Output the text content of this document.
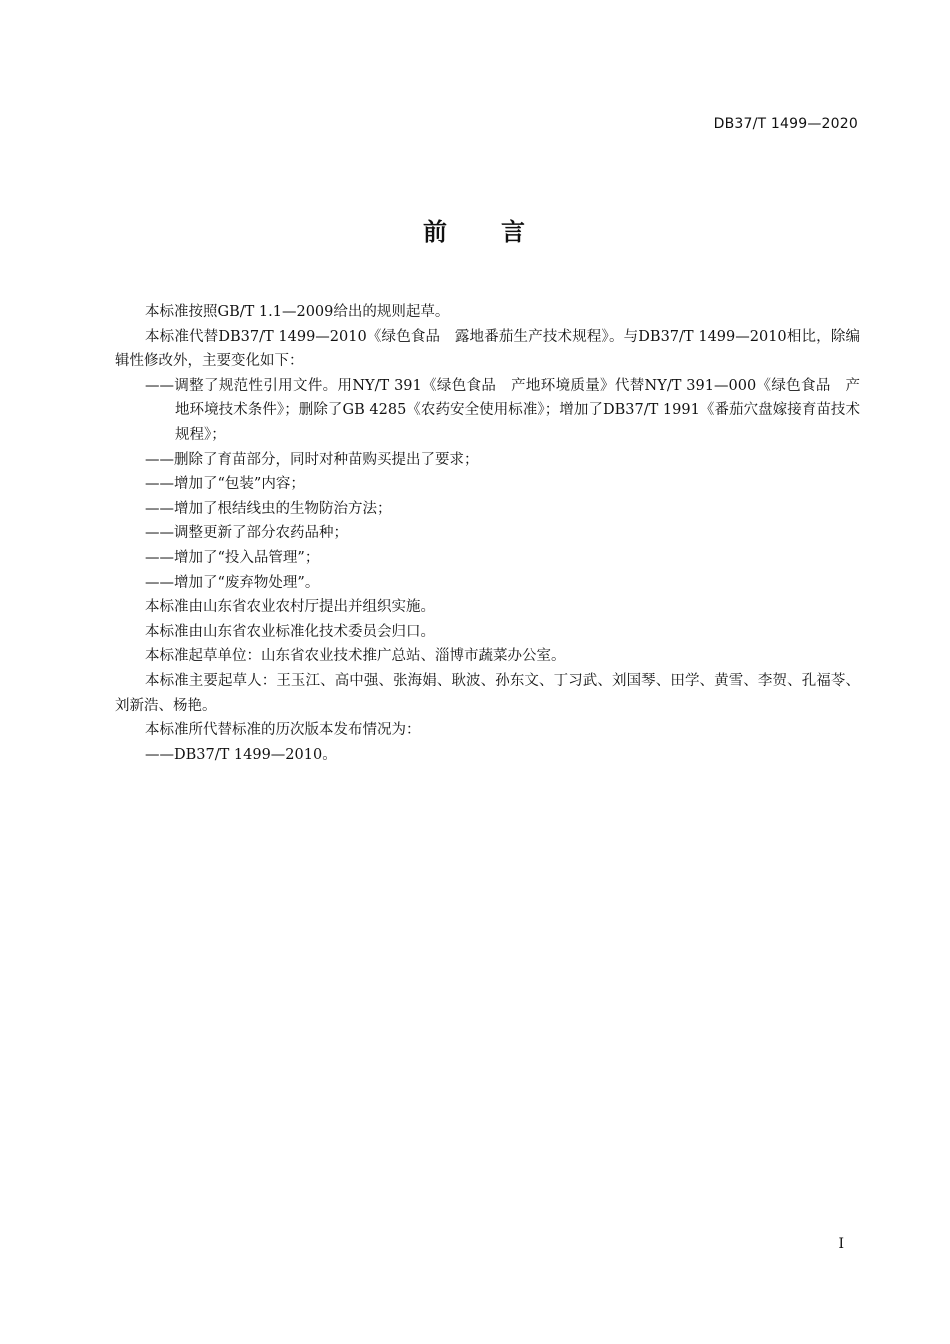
DB37/T 1499—2020
前 言

本标准按照GB/T 1.1—2009给出的规则起草。

本标准代替DB37/T 1499—2010《绿色食品　露地番茄生产技术规程》。与DB37/T 1499—2010相比，除编辑性修改外，主要变化如下：

——调整了规范性引用文件。用NY/T 391《绿色食品　产地环境质量》代替NY/T 391—000《绿色食品　产地环境技术条件》；删除了GB 4285《农药安全使用标准》；增加了DB37/T 1991《番茄穴盘嫁接育苗技术规程》；

——删除了育苗部分，同时对种苗购买提出了要求；

——增加了“包装”内容；

——增加了根结线虫的生物防治方法；

——调整更新了部分农药品种；

——增加了“投入品管理”；

——增加了“废弃物处理”。

本标准由山东省农业农村厅提出并组织实施。

本标准由山东省农业标准化技术委员会归口。

本标准起草单位：山东省农业技术推广总站、淄博市蔬菜办公室。

本标准主要起草人：王玉江、高中强、张海娟、耿波、孙东文、丁习武、刘国琴、田学、黄雪、李贺、孔福苓、刘新浩、杨艳。

本标准所代替标准的历次版本发布情况为：

——DB37/T 1499—2010。

I
